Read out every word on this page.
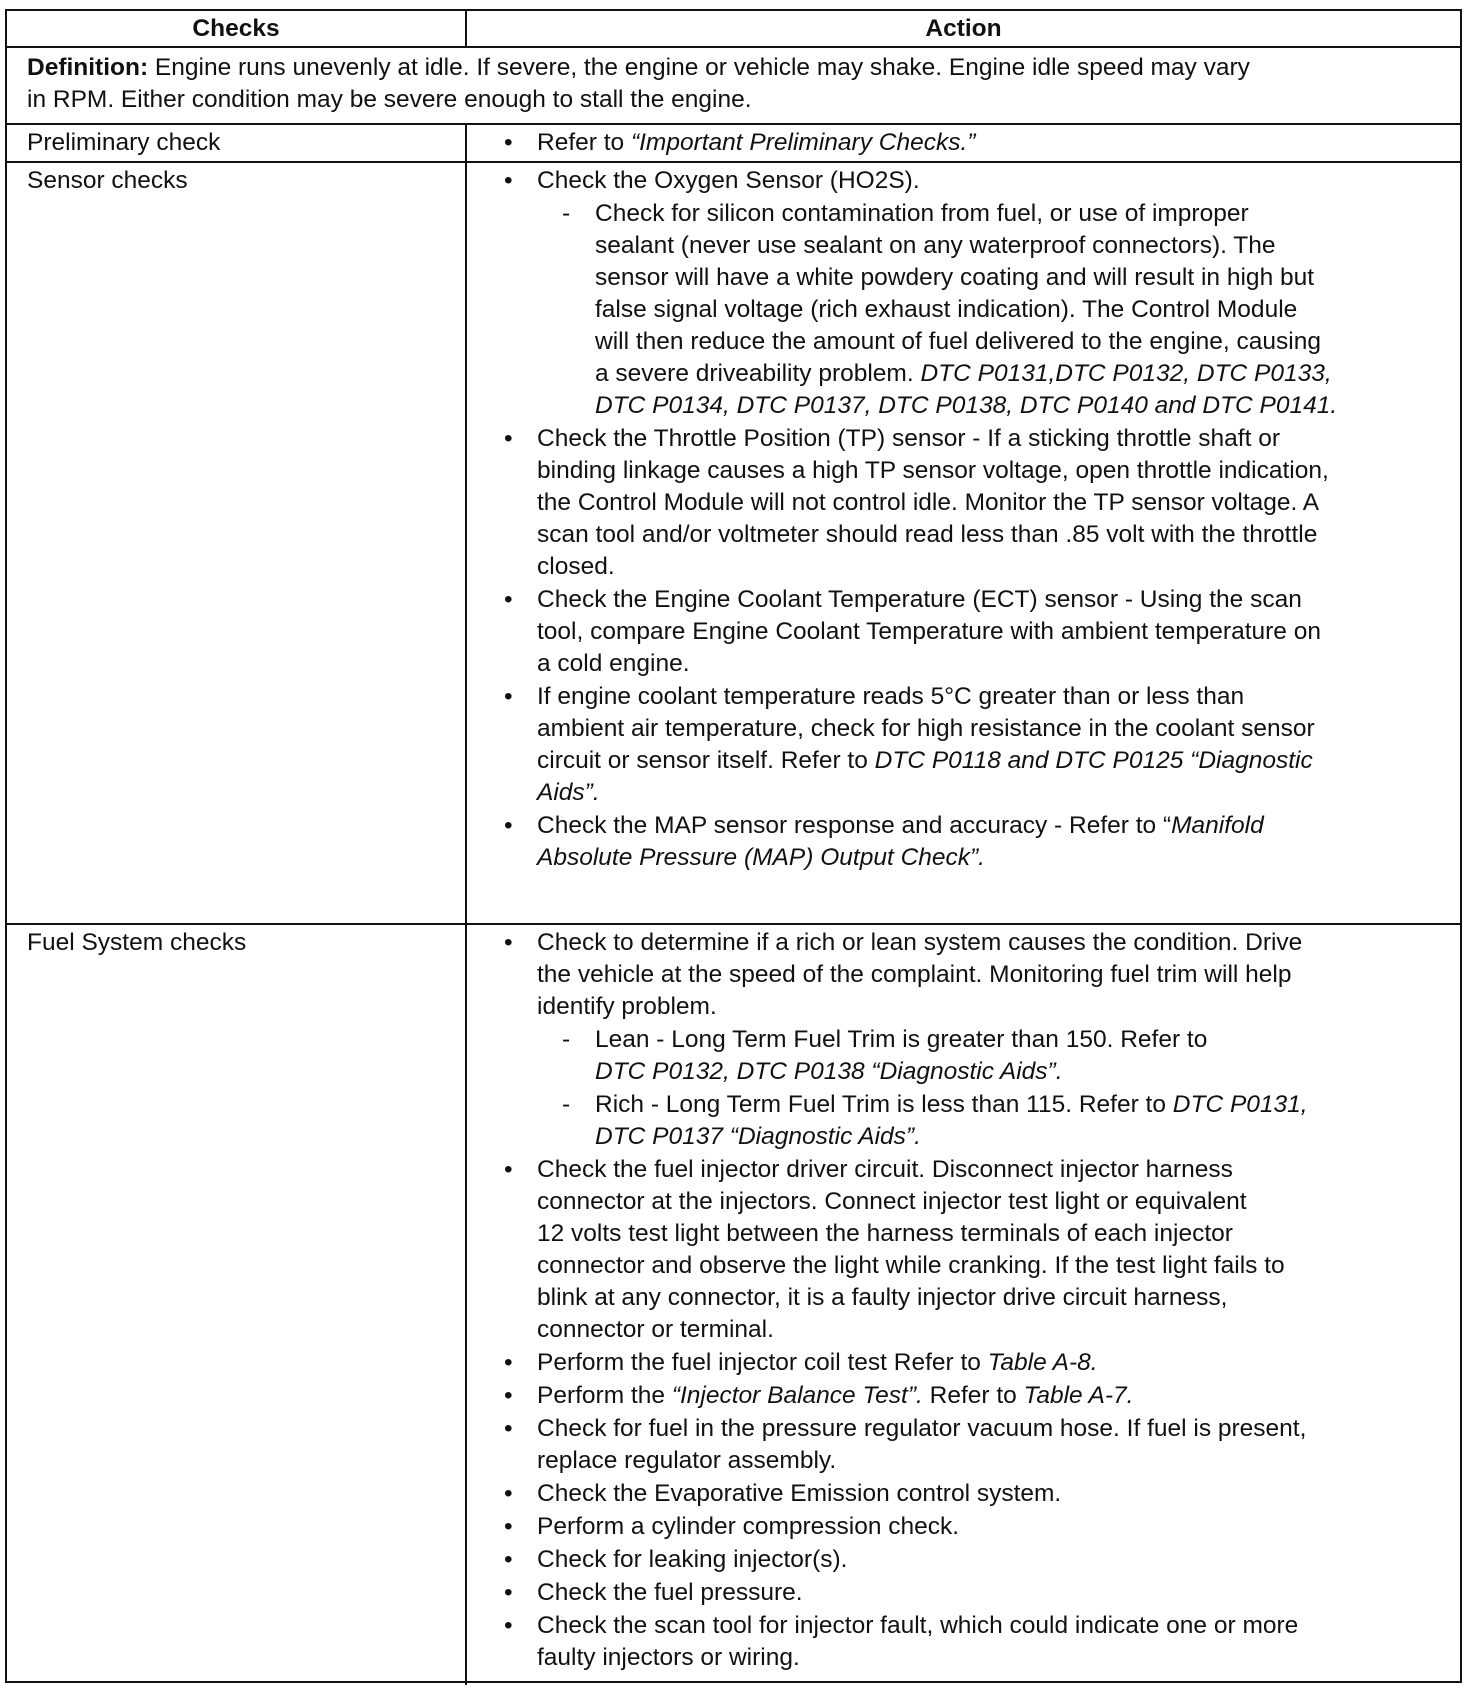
Checks	Action
Definition: Engine runs unevenly at idle. If severe, the engine or vehicle may shake. Engine idle speed may vary
in RPM. Either condition may be severe enough to stall the engine.
Preliminary check	• Refer to “Important Preliminary Checks.”
Sensor checks	• Check the Oxygen Sensor (HO2S).
- Check for silicon contamination from fuel, or use of improper
sealant (never use sealant on any waterproof connectors). The
sensor will have a white powdery coating and will result in high but
false signal voltage (rich exhaust indication). The Control Module
will then reduce the amount of fuel delivered to the engine, causing
a severe driveability problem. DTC P0131,DTC P0132, DTC P0133,
DTC P0134, DTC P0137, DTC P0138, DTC P0140 and DTC P0141.
• Check the Throttle Position (TP) sensor - If a sticking throttle shaft or
binding linkage causes a high TP sensor voltage, open throttle indication,
the Control Module will not control idle. Monitor the TP sensor voltage. A
scan tool and/or voltmeter should read less than .85 volt with the throttle
closed.
• Check the Engine Coolant Temperature (ECT) sensor - Using the scan
tool, compare Engine Coolant Temperature with ambient temperature on
a cold engine.
• If engine coolant temperature reads 5°C greater than or less than
ambient air temperature, check for high resistance in the coolant sensor
circuit or sensor itself. Refer to DTC P0118 and DTC P0125 “Diagnostic
Aids”.
• Check the MAP sensor response and accuracy - Refer to “Manifold
Absolute Pressure (MAP) Output Check”.
Fuel System checks	• Check to determine if a rich or lean system causes the condition. Drive
the vehicle at the speed of the complaint. Monitoring fuel trim will help
identify problem.
- Lean - Long Term Fuel Trim is greater than 150. Refer to
DTC P0132, DTC P0138 “Diagnostic Aids”.
- Rich - Long Term Fuel Trim is less than 115. Refer to DTC P0131,
DTC P0137 “Diagnostic Aids”.
• Check the fuel injector driver circuit. Disconnect injector harness
connector at the injectors. Connect injector test light or equivalent
12 volts test light between the harness terminals of each injector
connector and observe the light while cranking. If the test light fails to
blink at any connector, it is a faulty injector drive circuit harness,
connector or terminal.
• Perform the fuel injector coil test Refer to Table A-8.
• Perform the “Injector Balance Test”. Refer to Table A-7.
• Check for fuel in the pressure regulator vacuum hose. If fuel is present,
replace regulator assembly.
• Check the Evaporative Emission control system.
• Perform a cylinder compression check.
• Check for leaking injector(s).
• Check the fuel pressure.
• Check the scan tool for injector fault, which could indicate one or more
faulty injectors or wiring.
